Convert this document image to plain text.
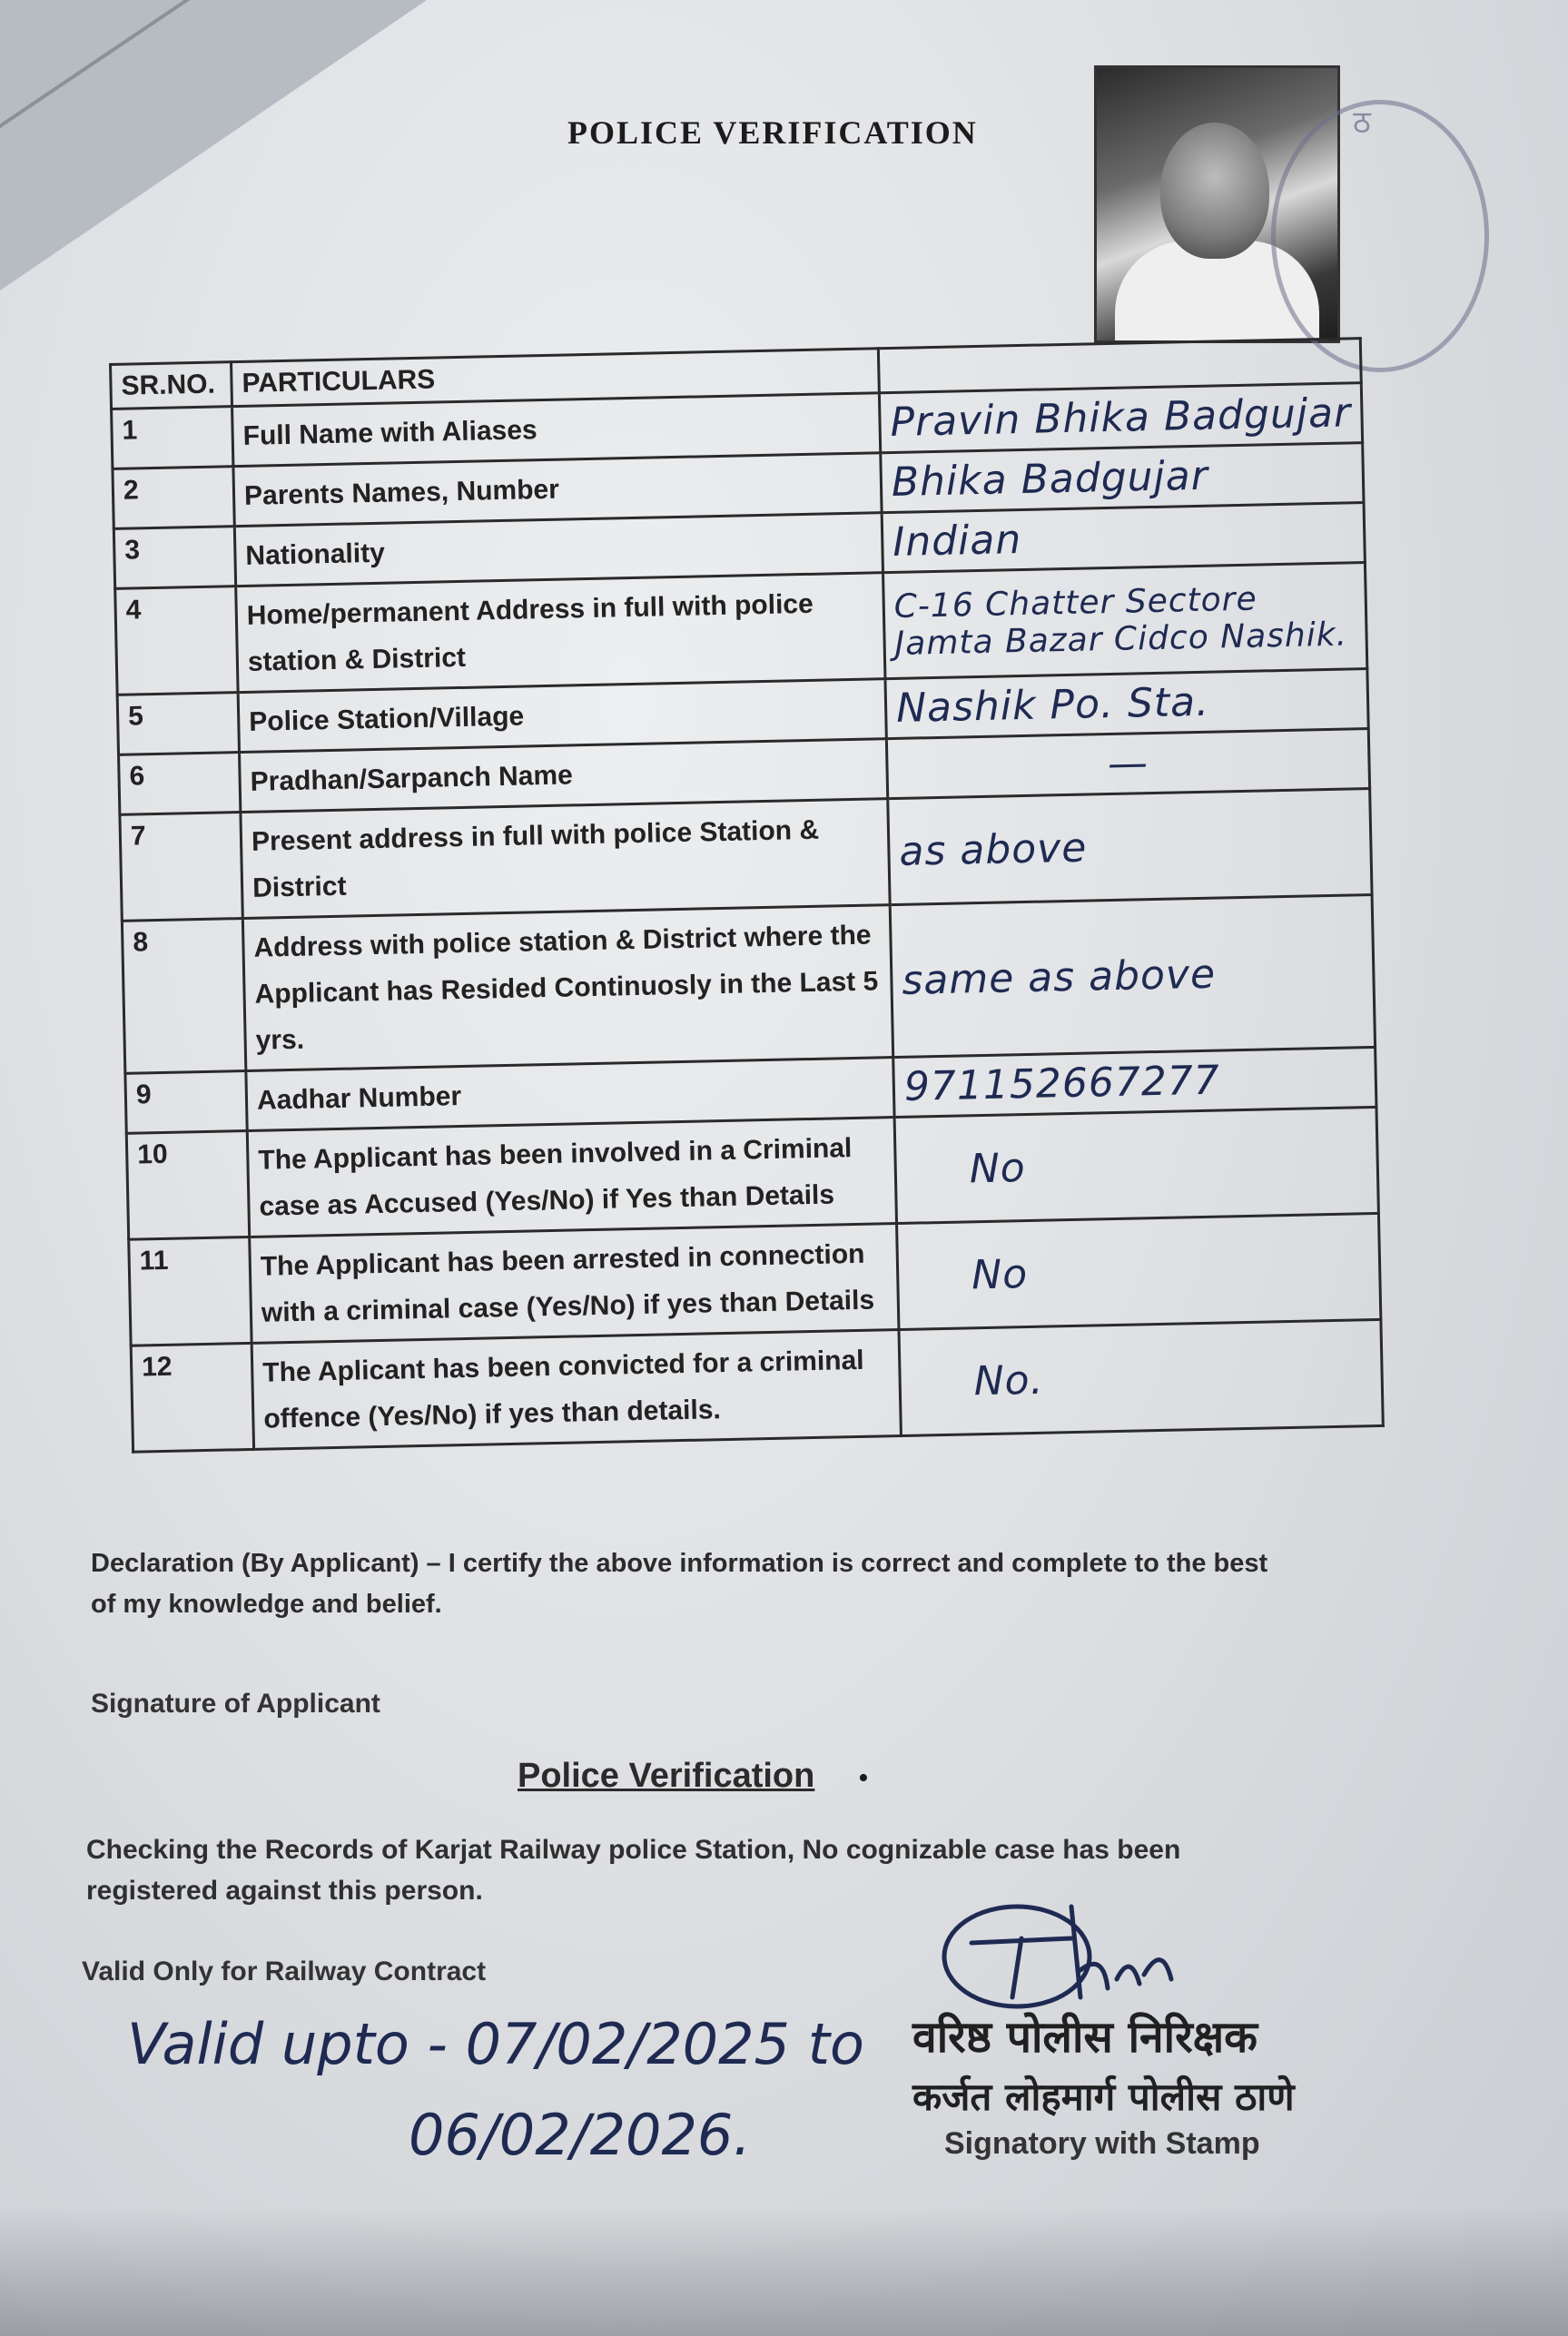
POLICE VERIFICATION	ठ
SR.NO.	PARTICULARS	
1	Full Name with Aliases	Pravin Bhika Badgujar
2	Parents Names, Number	Bhika Badgujar
3	Nationality	Indian
4	Home/permanent Address in full with police station & District	C-16 Chatter Sectore Jamta Bazar Cidco Nashik.
5	Police Station/Village	Nashik Po. Sta.
6	Pradhan/Sarpanch Name	—
7	Present address in full with police Station & District	as above
8	Address with police station & District where the Applicant has Resided Continuosly in the Last 5 yrs.	same as above
9	Aadhar Number	971152667277
10	The Applicant has been involved in a Criminal case as Accused (Yes/No) if Yes than Details	No
11	The Applicant has been arrested in connection with a criminal case (Yes/No) if yes than Details	No
12	The Aplicant has been convicted for a criminal offence (Yes/No) if yes than details.	No.
Declaration (By Applicant) – I certify the above information is correct and complete to the best of my knowledge and belief.
Signature of Applicant
Police Verification •
Checking the Records of Karjat Railway police Station, No cognizable case has been registered against this person.
Valid Only for Railway Contract
Valid upto - 07/02/2025 to
06/02/2026.
वरिष्ठ पोलीस निरिक्षक
कर्जत लोहमार्ग पोलीस ठाणे
Signatory with Stamp
